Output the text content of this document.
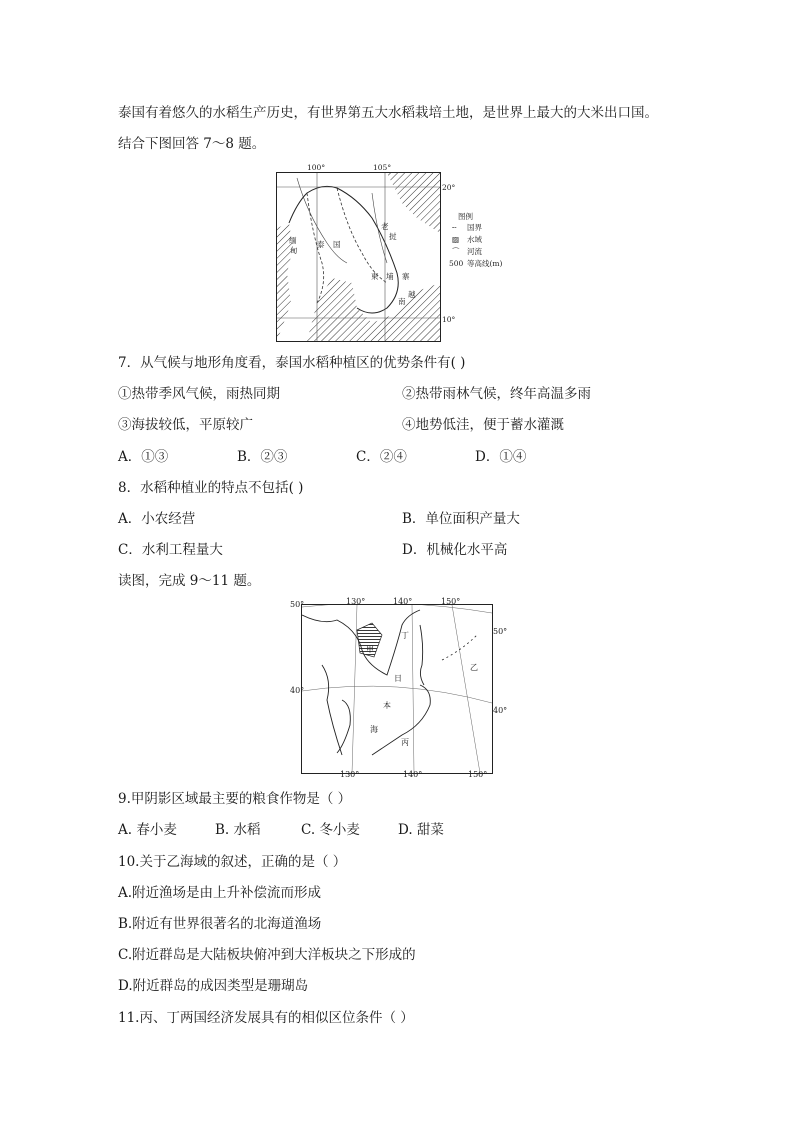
泰国有着悠久的水稻生产历史，有世界第五大水稻栽培土地，是世界上最大的大米出口国。
结合下图回答 7～8 题。
100°	105°
20°
10°
泰 国
柬 埔 寨
老
挝
越
南
缅
甸
图例
╌ 国界
▨ 水域
⌒ 河流
500 等高线(m)
7．从气候与地形角度看，泰国水稻种植区的优势条件有( )
①热带季风气候，雨热同期	②热带雨林气候，终年高温多雨
③海拔较低，平原较广	④地势低洼，便于蓄水灌溉
A．①③	B．②③	C．②④	D．①④
8．水稻种植业的特点不包括( )
A．小农经营	B．单位面积产量大
C．水利工程量大	D．机械化水平高
读图，完成 9～11 题。
130°	140°	150°
130°	140°	150°
50°
40°
50°
40°
甲
乙
丙
丁
日
本
海
9.甲阴影区域最主要的粮食作物是（ ）
A. 春小麦	B. 水稻	C. 冬小麦	D. 甜菜
10.关于乙海域的叙述，正确的是（ ）
A.附近渔场是由上升补偿流而形成
B.附近有世界很著名的北海道渔场
C.附近群岛是大陆板块俯冲到大洋板块之下形成的
D.附近群岛的成因类型是珊瑚岛
11.丙、丁两国经济发展具有的相似区位条件（ ）
